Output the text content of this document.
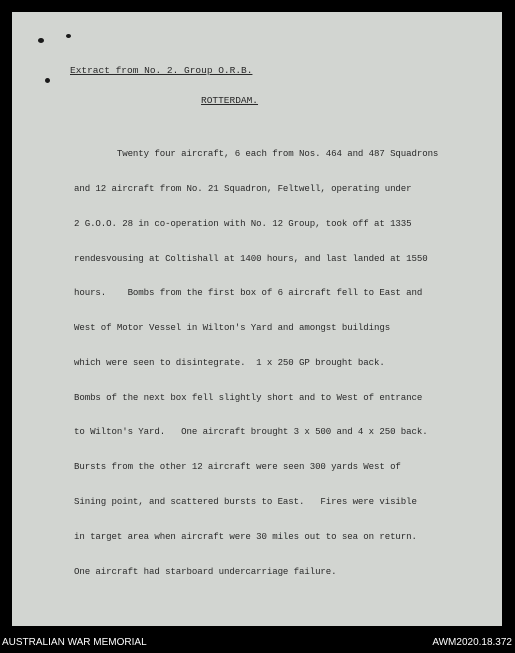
Extract from No. 2. Group O.R.B.

ROTTERDAM.

Twenty four aircraft, 6 each from Nos. 464 and 487 Squadrons

and 12 aircraft from No. 21 Squadron, Feltwell, operating under

2 G.O.O. 28 in co-operation with No. 12 Group, took off at 1335

rendesvousing at Coltishall at 1400 hours, and last landed at 1550

hours.    Bombs from the first box of 6 aircraft fell to East and

West of Motor Vessel in Wilton's Yard and amongst buildings

which were seen to disintegrate.  1 x 250 GP brought back.

Bombs of the next box fell slightly short and to West of entrance

to Wilton's Yard.   One aircraft brought 3 x 500 and 4 x 250 back.

Bursts from the other 12 aircraft were seen 300 yards West of

Sining point, and scattered bursts to East.   Fires were visible

in target area when aircraft were 30 miles out to sea on return.

One aircraft had starboard undercarriage failure.

AUSTRALIAN WAR MEMORIAL	AWM2020.18.372
